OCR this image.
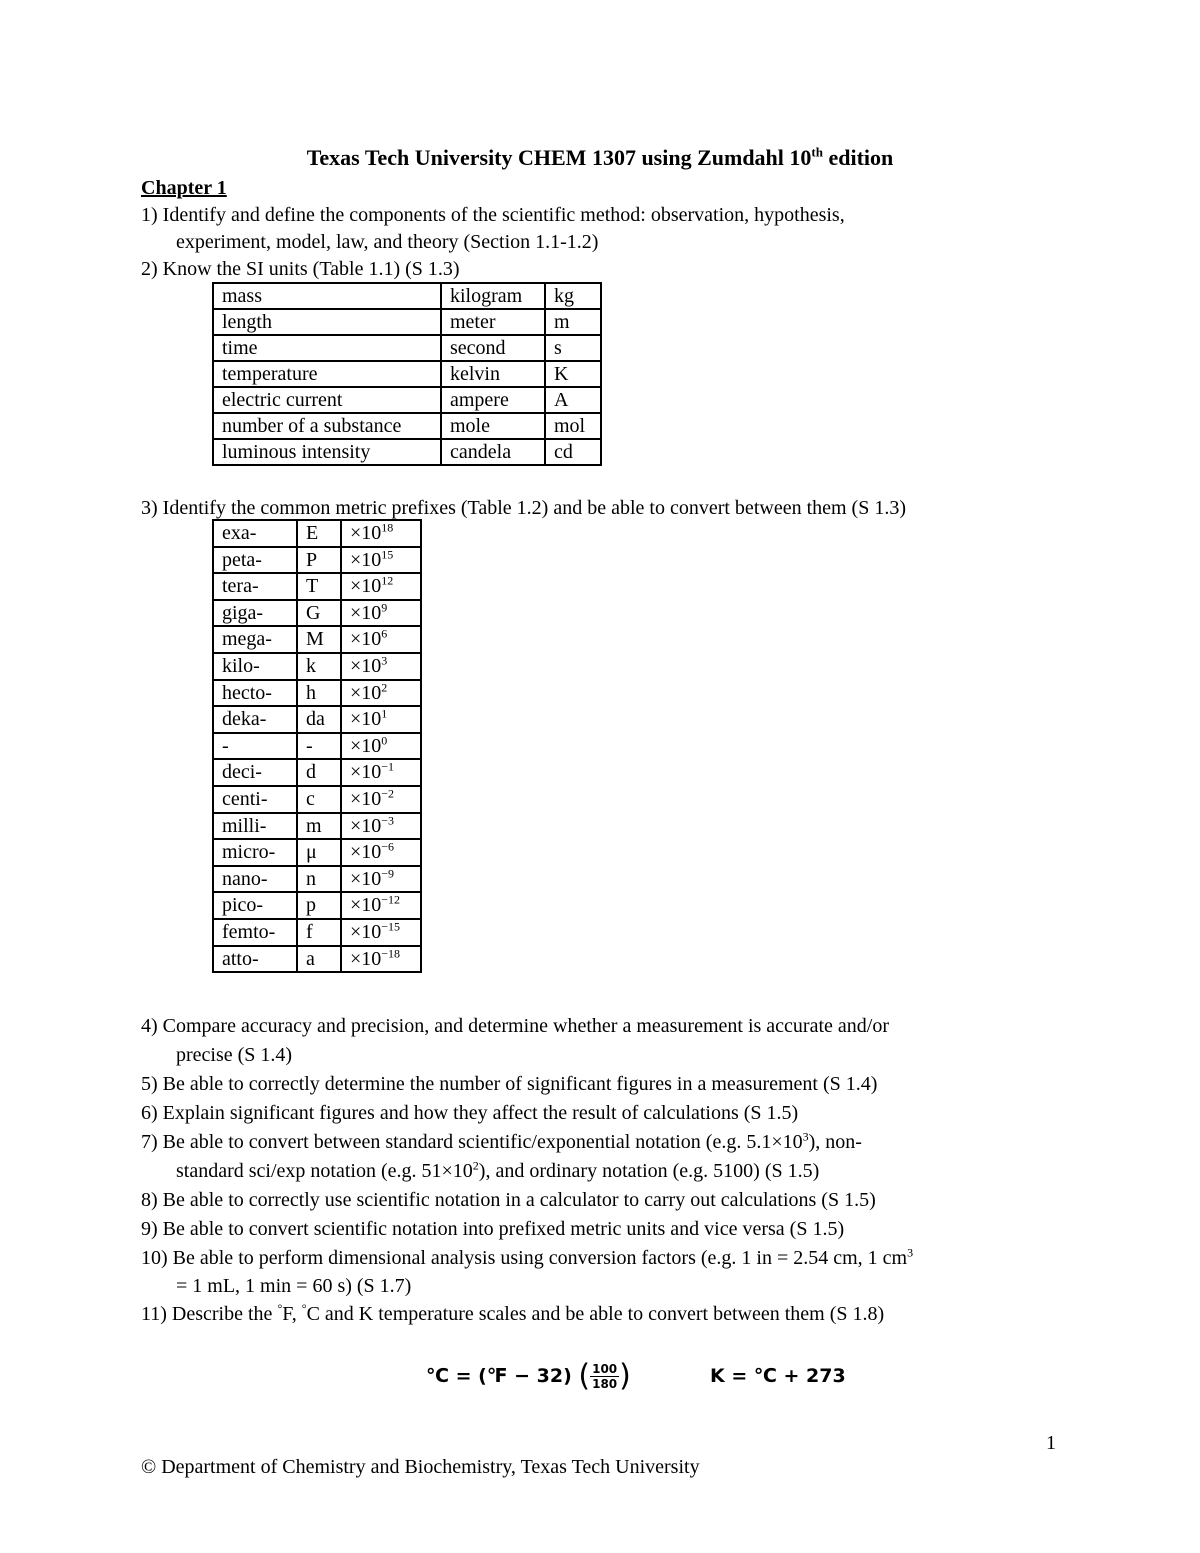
Texas Tech University CHEM 1307 using Zumdahl 10th edition
Chapter 1
1) Identify and define the components of the scientific method: observation, hypothesis,
experiment, model, law, and theory (Section 1.1-1.2)
2) Know the SI units (Table 1.1) (S 1.3)
mass	kilogram	kg
length	meter	m
time	second	s
temperature	kelvin	K
electric current	ampere	A
number of a substance	mole	mol
luminous intensity	candela	cd
3) Identify the common metric prefixes (Table 1.2) and be able to convert between them (S 1.3)
exa-	E	$\times 10^{18}$
peta-	P	$\times 10^{15}$
tera-	T	$\times 10^{12}$
giga-	G	$\times 10^9$
mega-	M	$\times 10^6$
kilo-	k	$\times 10^3$
hecto-	h	$\times 10^2$
deka-	da	$\times 10^1$
-	-	$\times 10^0$
deci-	d	$\times 10^{-1}$
centi-	c	$\times 10^{-2}$
milli-	m	$\times 10^{-3}$
micro-	μ	$\times 10^{-6}$
nano-	n	$\times 10^{-9}$
pico-	p	$\times 10^{-12}$
femto-	f	$\times 10^{-15}$
atto-	a	$\times 10^{-18}$
4) Compare accuracy and precision, and determine whether a measurement is accurate and/or
precise (S 1.4)
5) Be able to correctly determine the number of significant figures in a measurement (S 1.4)
6) Explain significant figures and how they affect the result of calculations (S 1.5)
7) Be able to convert between standard scientific/exponential notation (e.g. $5.1\times 10^3$), non-
standard sci/exp notation (e.g. $51\times 10^2$), and ordinary notation (e.g. 5100) (S 1.5)
8) Be able to correctly use scientific notation in a calculator to carry out calculations (S 1.5)
9) Be able to convert scientific notation into prefixed metric units and vice versa (S 1.5)
10) Be able to perform dimensional analysis using conversion factors (e.g. 1 in = 2.54 cm, 1 $cm^3$
= 1 mL, 1 min = 60 s) (S 1.7)
11) Describe the °F, °C and K temperature scales and be able to convert between them (S 1.8)
℃ = (℉ − 32) ( $\frac{100}{180}$ )	K = ℃ + 273
1
© Department of Chemistry and Biochemistry, Texas Tech University
